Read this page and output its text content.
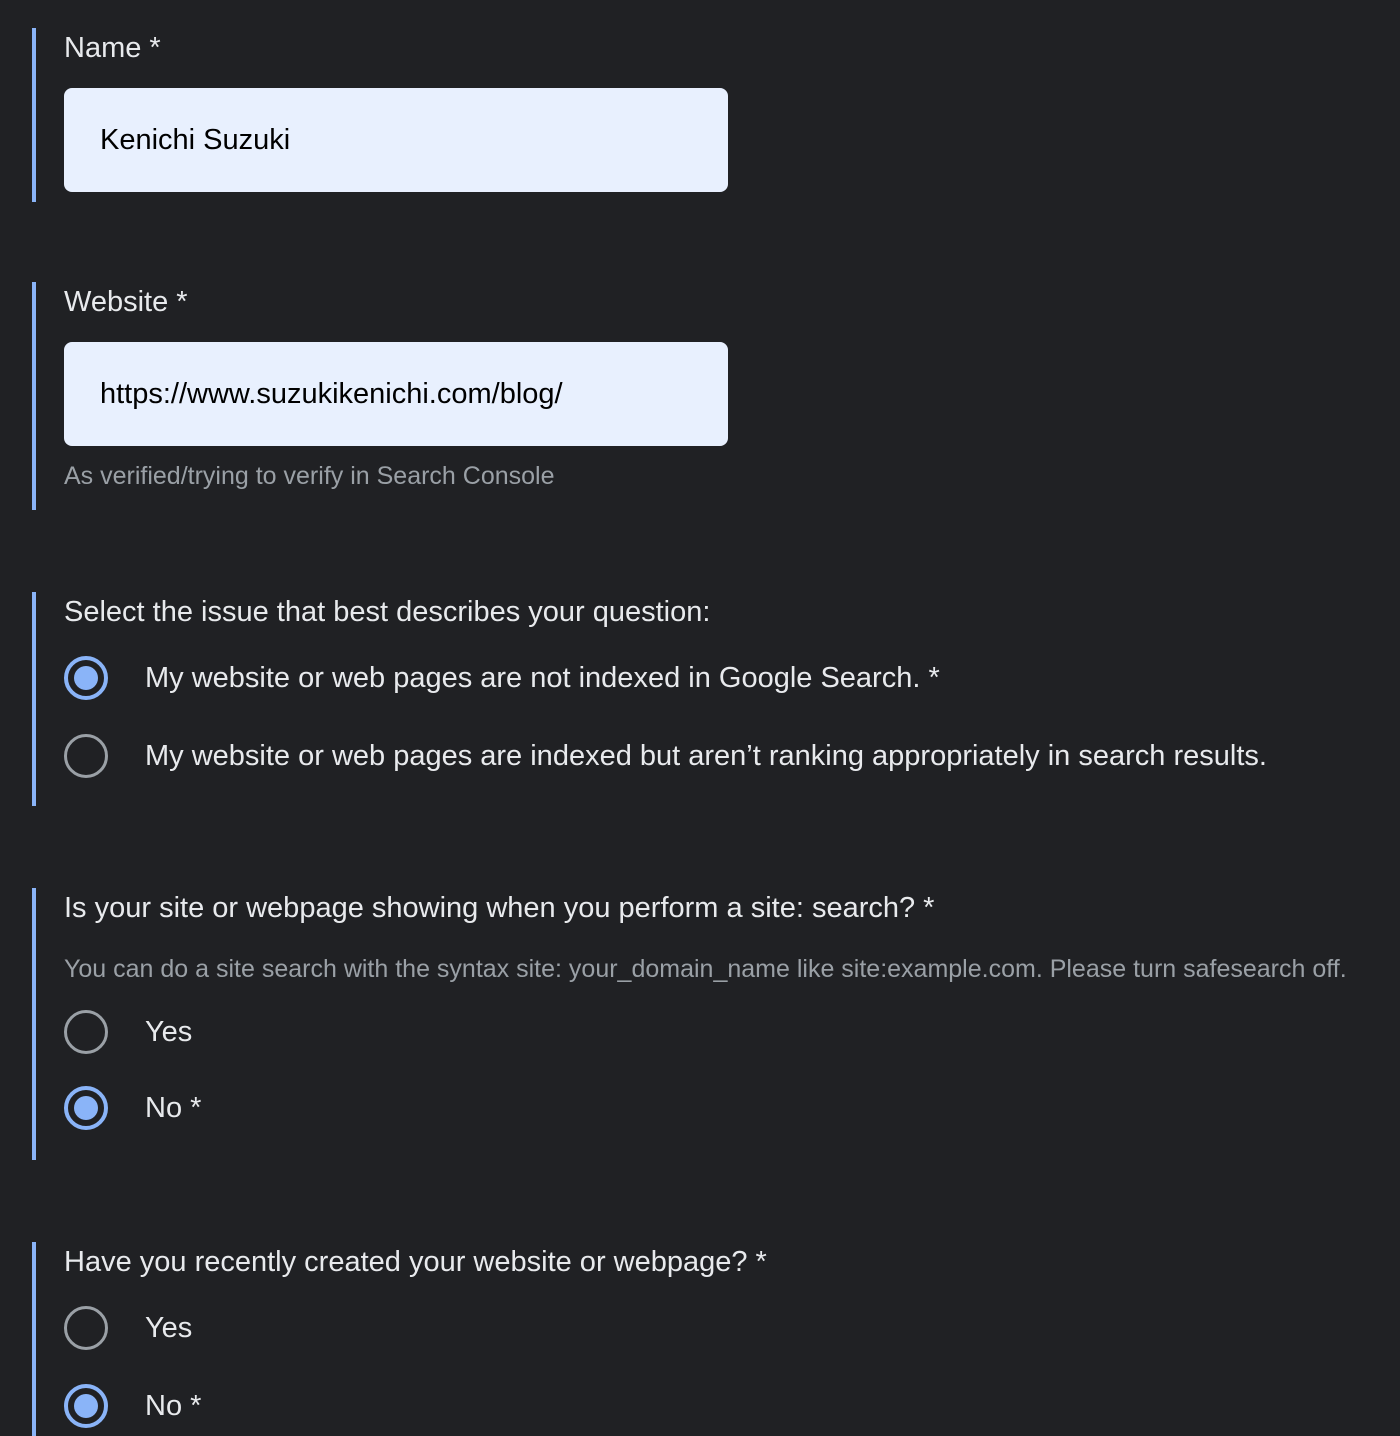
Name *
Kenichi Suzuki
Website *
https://www.suzukikenichi.com/blog/
As verified/trying to verify in Search Console
Select the issue that best describes your question:
My website or web pages are not indexed in Google Search. *
My website or web pages are indexed but aren’t ranking appropriately in search results.
Is your site or webpage showing when you perform a site: search? *
You can do a site search with the syntax site: your_domain_name like site:example.com. Please turn safesearch off.
Yes
No *
Have you recently created your website or webpage? *
Yes
No *
